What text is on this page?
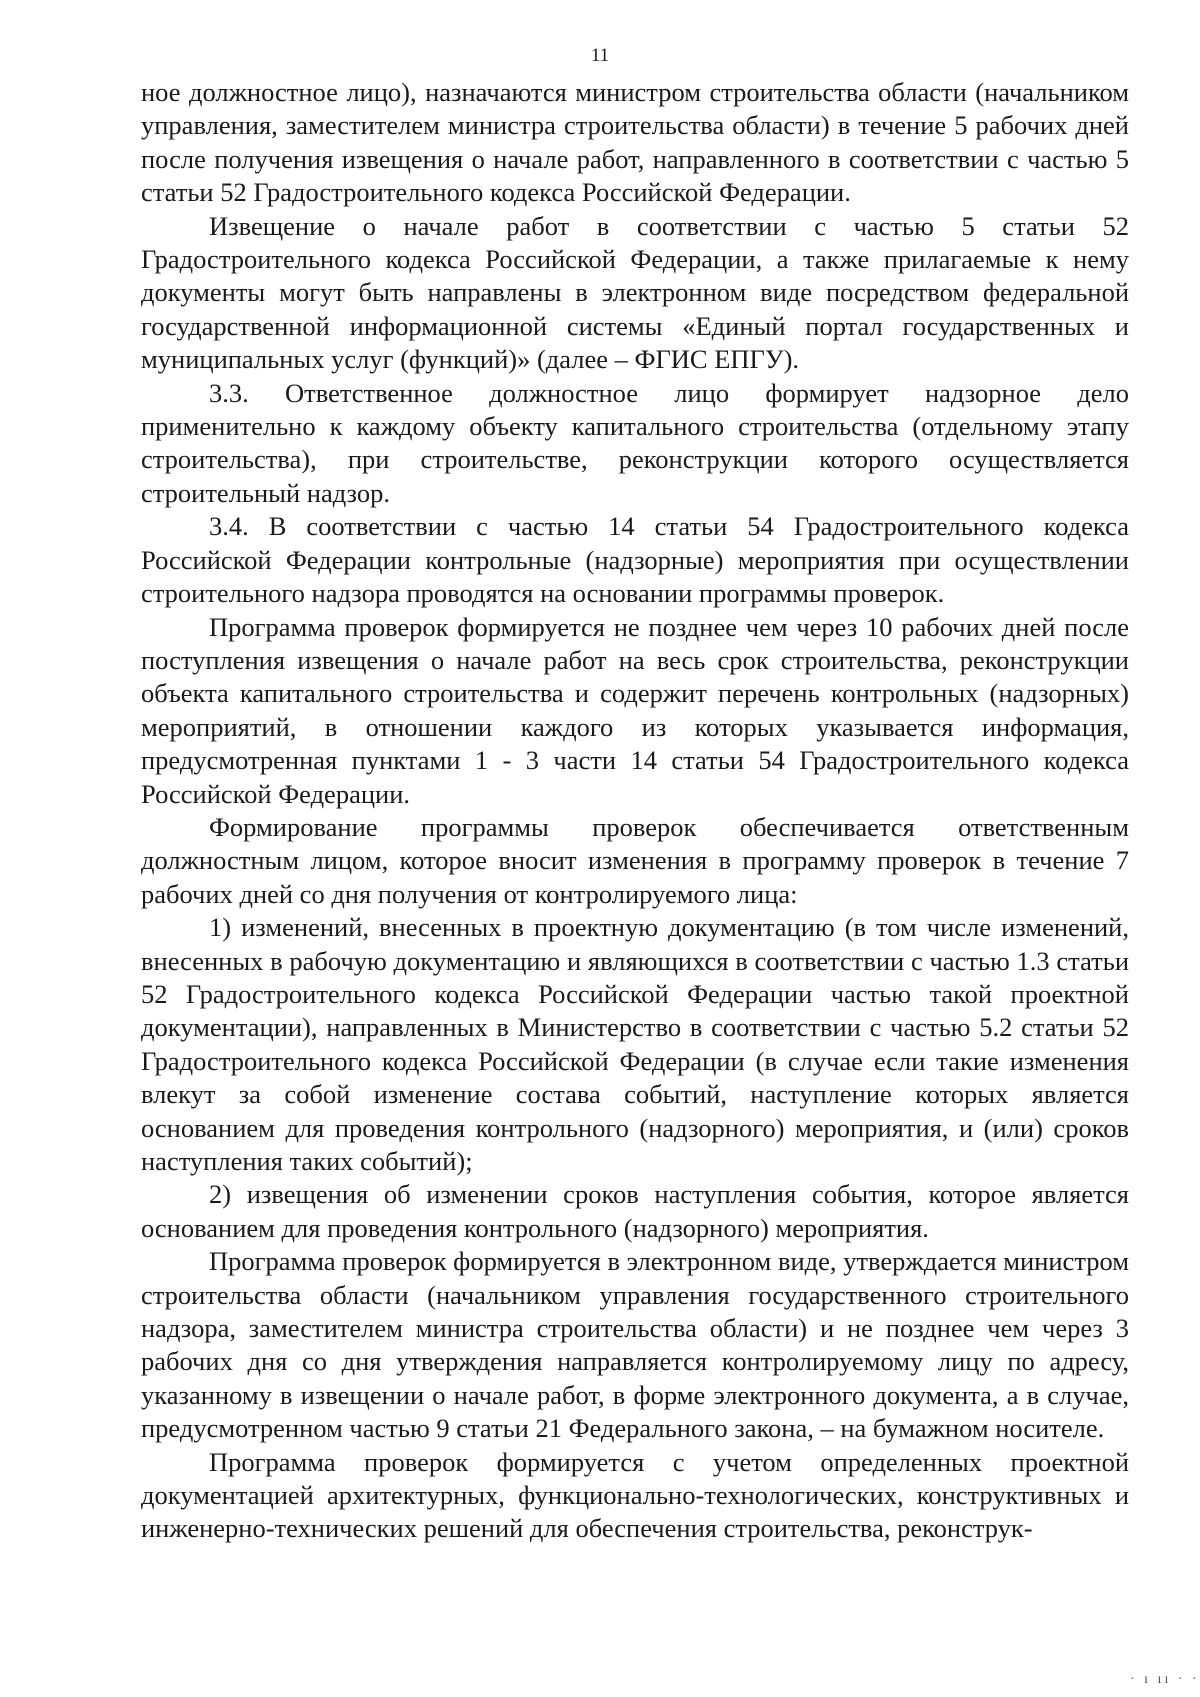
11

ное должностное лицо), назначаются министром строительства области (начальником управления, заместителем министра строительства области) в течение 5 рабочих дней после получения извещения о начале работ, направленного в соответствии с частью 5 статьи 52 Градостроительного кодекса Российской Федерации.

Извещение о начале работ в соответствии с частью 5 статьи 52 Градостроительного кодекса Российской Федерации, а также прилагаемые к нему документы могут быть направлены в электронном виде посредством федеральной государственной информационной системы «Единый портал государственных и муниципальных услуг (функций)» (далее – ФГИС ЕПГУ).

3.3. Ответственное должностное лицо формирует надзорное дело применительно к каждому объекту капитального строительства (отдельному этапу строительства), при строительстве, реконструкции которого осуществляется строительный надзор.

3.4. В соответствии с частью 14 статьи 54 Градостроительного кодекса Российской Федерации контрольные (надзорные) мероприятия при осуществлении строительного надзора проводятся на основании программы проверок.

Программа проверок формируется не позднее чем через 10 рабочих дней после поступления извещения о начале работ на весь срок строительства, реконструкции объекта капитального строительства и содержит перечень контрольных (надзорных) мероприятий, в отношении каждого из которых указывается информация, предусмотренная пунктами 1 - 3 части 14 статьи 54 Градостроительного кодекса Российской Федерации.

Формирование программы проверок обеспечивается ответственным должностным лицом, которое вносит изменения в программу проверок в течение 7 рабочих дней со дня получения от контролируемого лица:

1) изменений, внесенных в проектную документацию (в том числе изменений, внесенных в рабочую документацию и являющихся в соответствии с частью 1.3 статьи 52 Градостроительного кодекса Российской Федерации частью такой проектной документации), направленных в Министерство в соответствии с частью 5.2 статьи 52 Градостроительного кодекса Российской Федерации (в случае если такие изменения влекут за собой изменение состава событий, наступление которых является основанием для проведения контрольного (надзорного) мероприятия, и (или) сроков наступления таких событий);

2) извещения об изменении сроков наступления события, которое является основанием для проведения контрольного (надзорного) мероприятия.

Программа проверок формируется в электронном виде, утверждается министром строительства области (начальником управления государственного строительного надзора, заместителем министра строительства области) и не позднее чем через 3 рабочих дня со дня утверждения направляется контролируемому лицу по адресу, указанному в извещении о начале работ, в форме электронного документа, а в случае, предусмотренном частью 9 статьи 21 Федерального закона, – на бумажном носителе.

Программа проверок формируется с учетом определенных проектной документацией архитектурных, функционально-технологических, конструктивных и инженерно-технических решений для обеспечения строительства, реконструк-

· ı ıı · ·
